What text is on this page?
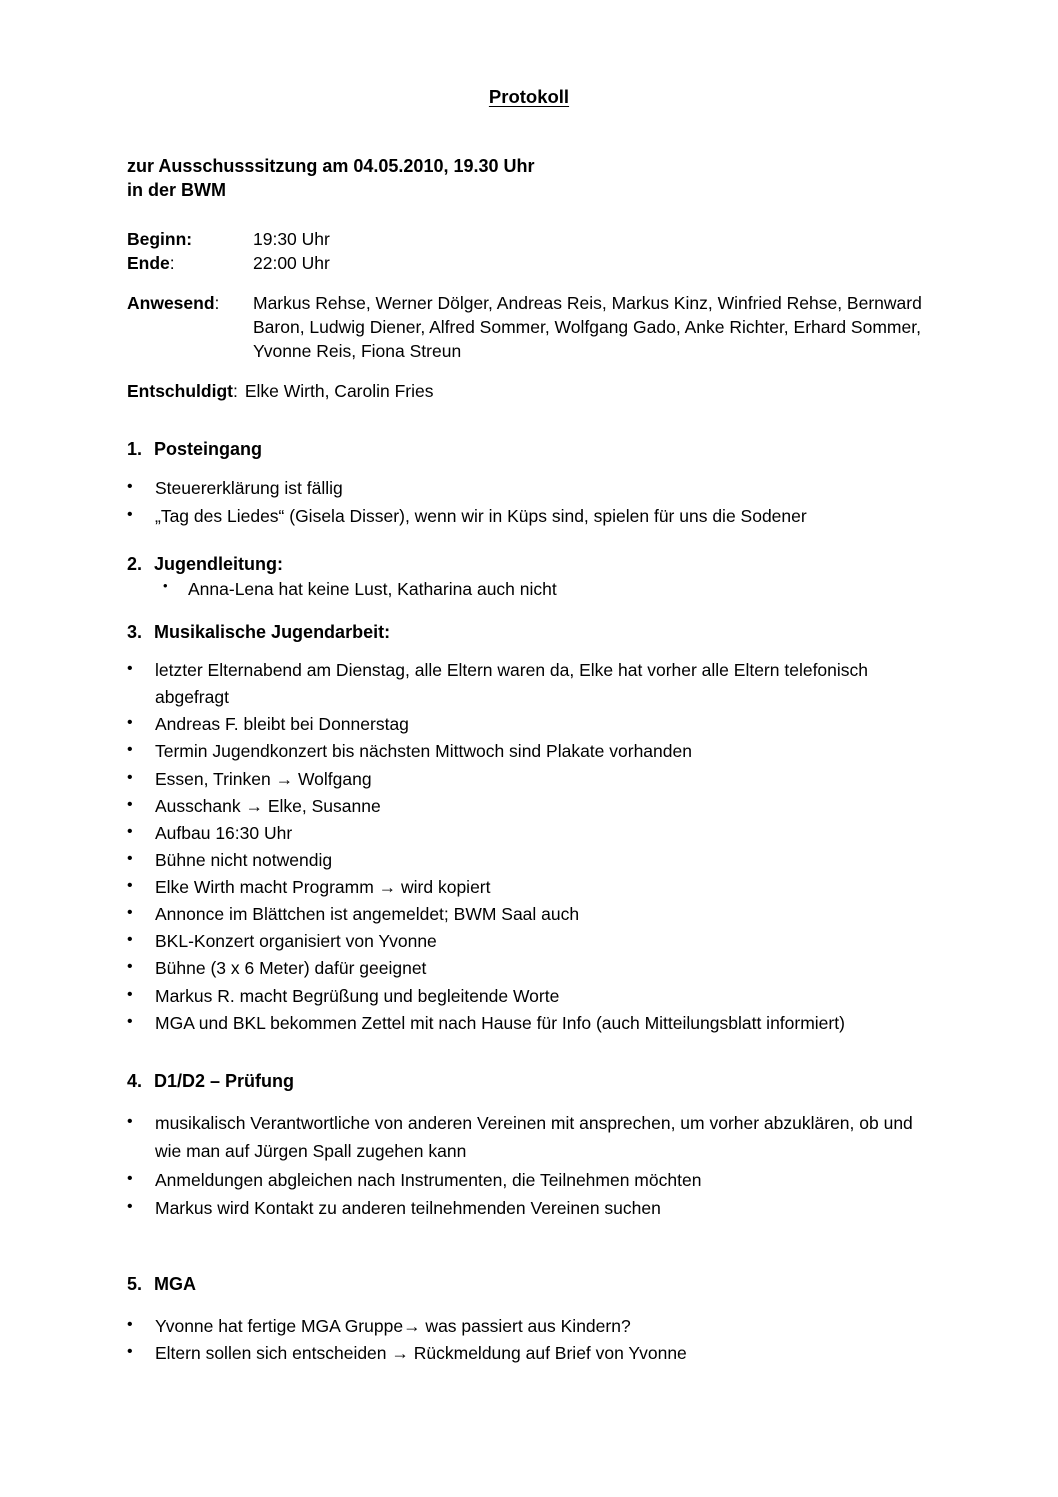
Protokoll
zur Ausschusssitzung am 04.05.2010, 19.30 Uhr
in der BWM
Beginn:	19:30 Uhr
Ende:	22:00 Uhr
Anwesend:	Markus Rehse, Werner Dölger, Andreas Reis, Markus Kinz, Winfried Rehse, Bernward Baron, Ludwig Diener, Alfred Sommer, Wolfgang Gado, Anke Richter, Erhard Sommer, Yvonne Reis, Fiona Streun
Entschuldigt: Elke Wirth, Carolin Fries
1. Posteingang
•	Steuererklärung ist fällig
•	„Tag des Liedes“ (Gisela Disser), wenn wir in Küps sind, spielen für uns die Sodener
2. Jugendleitung:
•	Anna-Lena hat keine Lust, Katharina auch nicht
3. Musikalische Jugendarbeit:
•	letzter Elternabend am Dienstag, alle Eltern waren da, Elke hat vorher alle Eltern telefonisch abgefragt
•	Andreas F. bleibt bei Donnerstag
•	Termin Jugendkonzert bis nächsten Mittwoch sind Plakate vorhanden
•	Essen, Trinken → Wolfgang
•	Ausschank → Elke, Susanne
•	Aufbau 16:30 Uhr
•	Bühne nicht notwendig
•	Elke Wirth macht Programm → wird kopiert
•	Annonce im Blättchen ist angemeldet; BWM Saal auch
•	BKL-Konzert organisiert von Yvonne
•	Bühne (3 x 6 Meter) dafür geeignet
•	Markus R. macht Begrüßung und begleitende Worte
•	MGA und BKL bekommen Zettel mit nach Hause für Info (auch Mitteilungsblatt informiert)
4. D1/D2 – Prüfung
•	musikalisch Verantwortliche von anderen Vereinen mit ansprechen, um vorher abzuklären, ob und wie man auf Jürgen Spall zugehen kann
•	Anmeldungen abgleichen nach Instrumenten, die Teilnehmen möchten
•	Markus wird Kontakt zu anderen teilnehmenden Vereinen suchen
5. MGA
•	Yvonne hat fertige MGA Gruppe→ was passiert aus Kindern?
•	Eltern sollen sich entscheiden → Rückmeldung auf Brief von Yvonne
